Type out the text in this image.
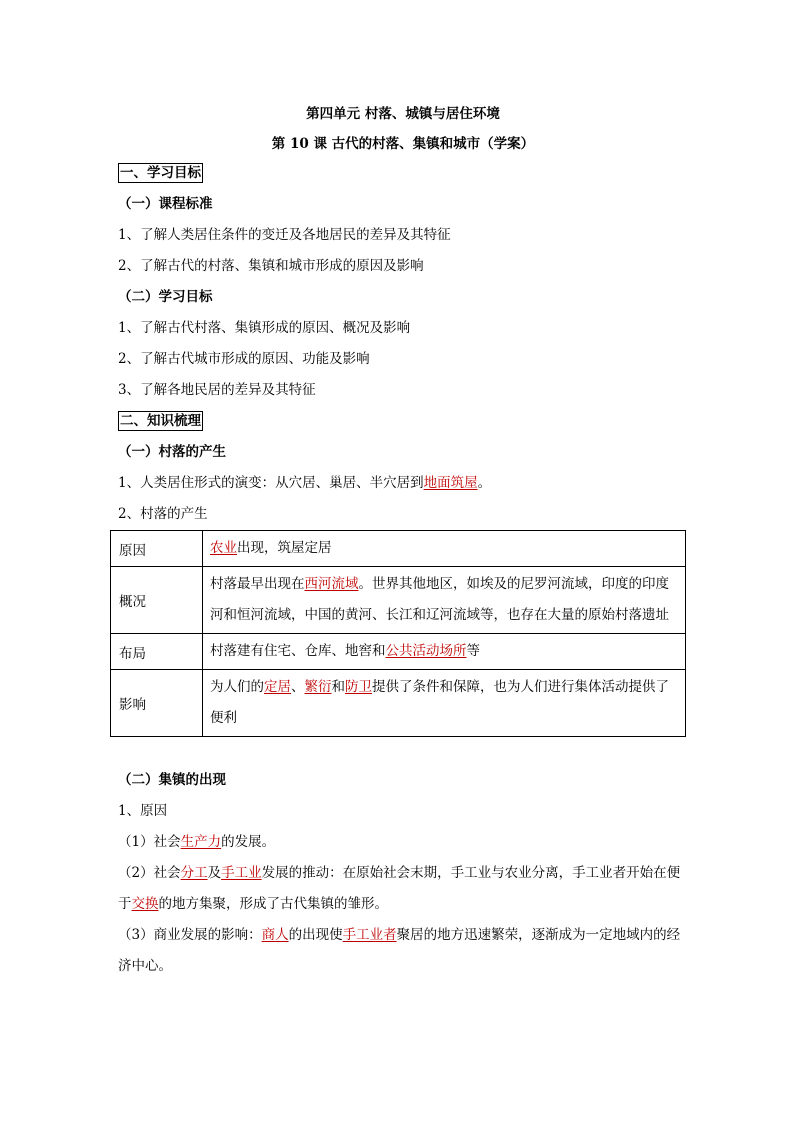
第四单元 村落、城镇与居住环境
第 10 课 古代的村落、集镇和城市（学案）
一、学习目标
（一）课程标准
1、了解人类居住条件的变迁及各地居民的差异及其特征
2、了解古代的村落、集镇和城市形成的原因及影响
（二）学习目标
1、了解古代村落、集镇形成的原因、概况及影响
2、了解古代城市形成的原因、功能及影响
3、了解各地民居的差异及其特征
二、知识梳理
（一）村落的产生
1、人类居住形式的演变：从穴居、巢居、半穴居到地面筑屋。
2、村落的产生
原因	农业出现，筑屋定居
概况	村落最早出现在西河流域。世界其他地区，如埃及的尼罗河流域，印度的印度河和恒河流域，中国的黄河、长江和辽河流域等，也存在大量的原始村落遗址
布局	村落建有住宅、仓库、地窖和公共活动场所等
影响	为人们的定居、繁衍和防卫提供了条件和保障，也为人们进行集体活动提供了便利
（二）集镇的出现
1、原因
（1）社会生产力的发展。
（2）社会分工及手工业发展的推动：在原始社会末期，手工业与农业分离，手工业者开始在便于交换的地方集聚，形成了古代集镇的雏形。
（3）商业发展的影响：商人的出现使手工业者聚居的地方迅速繁荣，逐渐成为一定地域内的经济中心。
